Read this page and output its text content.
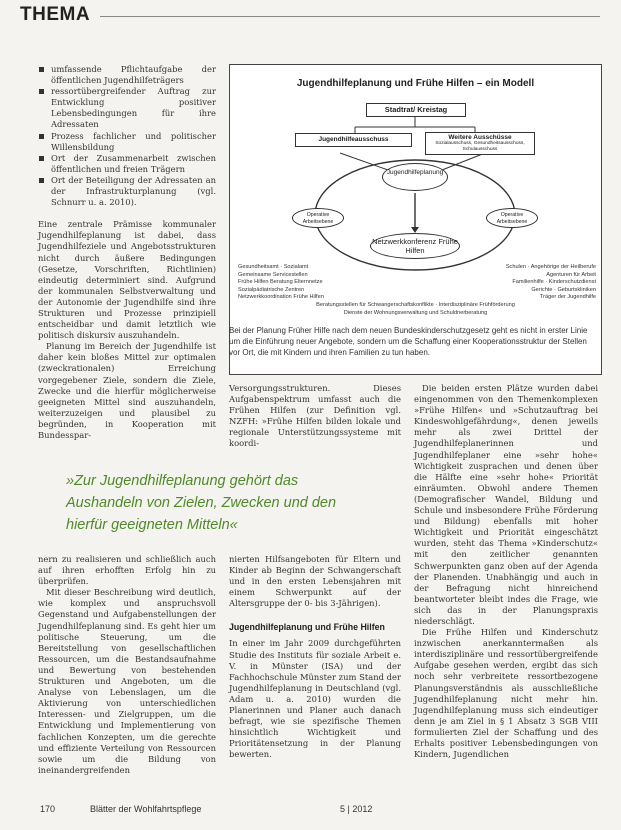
THEMA
umfassende Pflichtaufgabe der öffentlichen Jugendhilfeträgers
ressortübergreifender Auftrag zur Entwicklung positiver Lebensbedingungen für ihre Adressaten
Prozess fachlicher und politischer Willensbildung
Ort der Zusammenarbeit zwischen öffentlichen und freien Trägern
Ort der Beteiligung der Adressaten an der Infrastrukturplanung (vgl. Schnurr u. a. 2010).

Eine zentrale Prämisse kommunaler Jugendhilfeplanung ist dabei, dass Jugendhilfeziele und Angebotsstrukturen nicht durch äußere Bedingungen (Gesetze, Vorschriften, Richtlinien) eindeutig determiniert sind. Aufgrund der kommunalen Selbstverwaltung und der Autonomie der Jugendhilfe sind ihre Strukturen und Prozesse prinzipiell entscheidbar und damit letztlich wie politisch diskursiv auszuhandeln.

Planung im Bereich der Jugendhilfe ist daher kein bloßes Mittel zur optimalen (zweckrationalen) Erreichung vorgegebener Ziele, sondern die Ziele, Zwecke und die hierfür möglicherweise geeigneten Mittel sind auszuhandeln, weiterzuzeigen und plausibel zu begründen, in Kooperation mit Bundesspar-

Jugendhilfeplanung und Frühe Hilfen – ein Modell
Stadtrat/ Kreistag
Jugendhilfeausschuss	Weitere Ausschüsse
Sozialausschuss, Gesundheitsausschuss, Schulausschuss
Jugendhilfeplanung
Operative Arbeitsebene
Operative Arbeitsebene
Netzwerkkonferenz Frühe Hilfen
Gesundheitsamt · Sozialamt
Gemeinsame Servicestellen
Frühe Hilfen Beratung Elternnetze
Sozialpädiatrische Zentren
Netzwerkkoordination Frühe Hilfen
Schulen · Angehörige der Heilberufe
Agenturen für Arbeit
Familienhilfe · Kinderschutzdienst
Gerichte · Geburtskliniken
Träger der Jugendhilfe
Beratungsstellen für Schwangerschaftskonflikte · Interdisziplinäre Frühförderung
Dienste der Wohnungsverwaltung und Schuldnerberatung
Bei der Planung Früher Hilfe nach dem neuen Bundeskinderschutzgesetz geht es nicht in erster Linie um die Einführung neuer Angebote, sondern um die Schaffung einer Kooperationsstruktur der Stellen vor Ort, die mit Kindern und ihren Familien zu tun haben.

Versorgungsstrukturen. Dieses Aufgabenspektrum umfasst auch die Frühen Hilfen (zur Definition vgl. NZFH: »Frühe Hilfen bilden lokale und regionale Unterstützungssysteme mit koordi-

Die beiden ersten Plätze wurden dabei eingenommen von den Themenkomplexen »Frühe Hilfen« und »Schutzauftrag bei Kindeswohlgefährdung«, denen jeweils mehr als zwei Drittel der Jugendhilfeplanerinnen und Jugendhilfeplaner eine »sehr hohe« Wichtigkeit zusprachen und denen über die Hälfte eine »sehr hohe« Priorität einräumten. Obwohl andere Themen (Demografischer Wandel, Bildung und Schule und insbesondere Frühe Förderung und Bildung) ebenfalls mit hoher Wichtigkeit und Priorität eingeschätzt wurden, steht das Thema »Kinderschutz« mit den zeitlicher genannten Schwerpunkten ganz oben auf der Agenda der Planenden. Unabhängig und auch in der Befragung nicht hinreichend beantworteter bleibt indes die Frage, wie sich das in der Planungspraxis niederschlägt.

Die Frühe Hilfen und Kinderschutz inzwischen anerkanntermaßen als interdisziplinäre und ressortübergreifende Aufgabe gesehen werden, ergibt das sich noch sehr verbreitete ressortbezogene Planungsverständnis als ausschließliche Jugendhilfeplanung nicht mehr hin. Jugendhilfeplanung muss sich eindeutiger denn je am Ziel in § 1 Absatz 3 SGB VIII formulierten Ziel der Schaffung und des Erhalts positiver Lebensbedingungen von Kindern, Jugendlichen

»Zur Jugendhilfeplanung gehört das Aushandeln von Zielen, Zwecken und den hierfür geeigneten Mitteln«

nern zu realisieren und schließlich auch auf ihren erhofften Erfolg hin zu überprüfen.

Mit dieser Beschreibung wird deutlich, wie komplex und anspruchsvoll Gegenstand und Aufgabenstellungen der Jugendhilfeplanung sind. Es geht hier um politische Steuerung, um die Bereitstellung von gesellschaftlichen Ressourcen, um die Bestandsaufnahme und Bewertung von bestehenden Strukturen und Angeboten, um die Analyse von Lebenslagen, um die Aktivierung von unterschiedlichen Interessen- und Zielgruppen, um die Entwicklung und Implementierung von fachlichen Konzepten, um die gerechte und effiziente Verteilung von Ressourcen sowie um die Bildung von ineinandergreifenden

nierten Hilfsangeboten für Eltern und Kinder ab Beginn der Schwangerschaft und in den ersten Lebensjahren mit einem Schwerpunkt auf der Altersgruppe der 0- bis 3-Jährigen).

Jugendhilfeplanung und Frühe Hilfen

In einer im Jahr 2009 durchgeführten Studie des Instituts für soziale Arbeit e. V. in Münster (ISA) und der Fachhochschule Münster zum Stand der Jugendhilfeplanung in Deutschland (vgl. Adam u. a. 2010) wurden die Planerinnen und Planer auch danach befragt, wie sie spezifische Themen hinsichtlich Wichtigkeit und Prioritätensetzung in der Planung bewerten.

170	Blätter der Wohlfahrtspflege	5 | 2012
